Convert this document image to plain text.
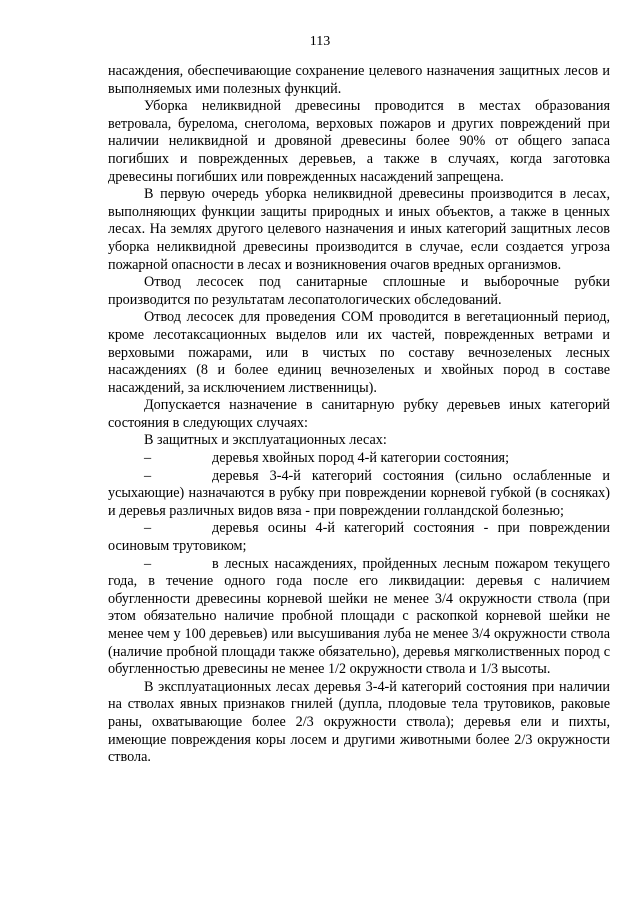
113

насаждения, обеспечивающие сохранение целевого назначения защитных лесов и выполняемых ими полезных функций.

Уборка неликвидной древесины проводится в местах образования ветровала, бурелома, снеголома, верховых пожаров и других повреждений при наличии неликвидной и дровяной древесины более 90% от общего запаса погибших и поврежденных деревьев, а также в случаях, когда заготовка древесины погибших или поврежденных насаждений запрещена.

В первую очередь уборка неликвидной древесины производится в лесах, выполняющих функции защиты природных и иных объектов, а также в ценных лесах. На землях другого целевого назначения и иных категорий защитных лесов уборка неликвидной древесины производится в случае, если создается угроза пожарной опасности в лесах и возникновения очагов вредных организмов.

Отвод лесосек под санитарные сплошные и выборочные рубки производится по результатам лесопатологических обследований.

Отвод лесосек для проведения СОМ проводится в вегетационный период, кроме лесотаксационных выделов или их частей, поврежденных ветрами и верховыми пожарами, или в чистых по составу вечнозеленых лесных насаждениях (8 и более единиц вечнозеленых и хвойных пород в составе насаждений, за исключением лиственницы).

Допускается назначение в санитарную рубку деревьев иных категорий состояния в следующих случаях:

В защитных и эксплуатационных лесах:

–	деревья хвойных пород 4-й категории состояния;

–	деревья 3-4-й категорий состояния (сильно ослабленные и усыхающие) назначаются в рубку при повреждении корневой губкой (в сосняках) и деревья различных видов вяза - при повреждении голландской болезнью;

–	деревья осины 4-й категорий состояния - при повреждении осиновым трутовиком;

–	в лесных насаждениях, пройденных лесным пожаром текущего года, в течение одного года после его ликвидации: деревья с наличием обугленности древесины корневой шейки не менее 3/4 окружности ствола (при этом обязательно наличие пробной площади с раскопкой корневой шейки не менее чем у 100 деревьев) или высушивания луба не менее 3/4 окружности ствола (наличие пробной площади также обязательно), деревья мягколиственных пород с обугленностью древесины не менее 1/2 окружности ствола и 1/3 высоты.

В эксплуатационных лесах деревья 3-4-й категорий состояния при наличии на стволах явных признаков гнилей (дупла, плодовые тела трутовиков, раковые раны, охватывающие более 2/3 окружности ствола); деревья ели и пихты, имеющие повреждения коры лосем и другими животными более 2/3 окружности ствола.
